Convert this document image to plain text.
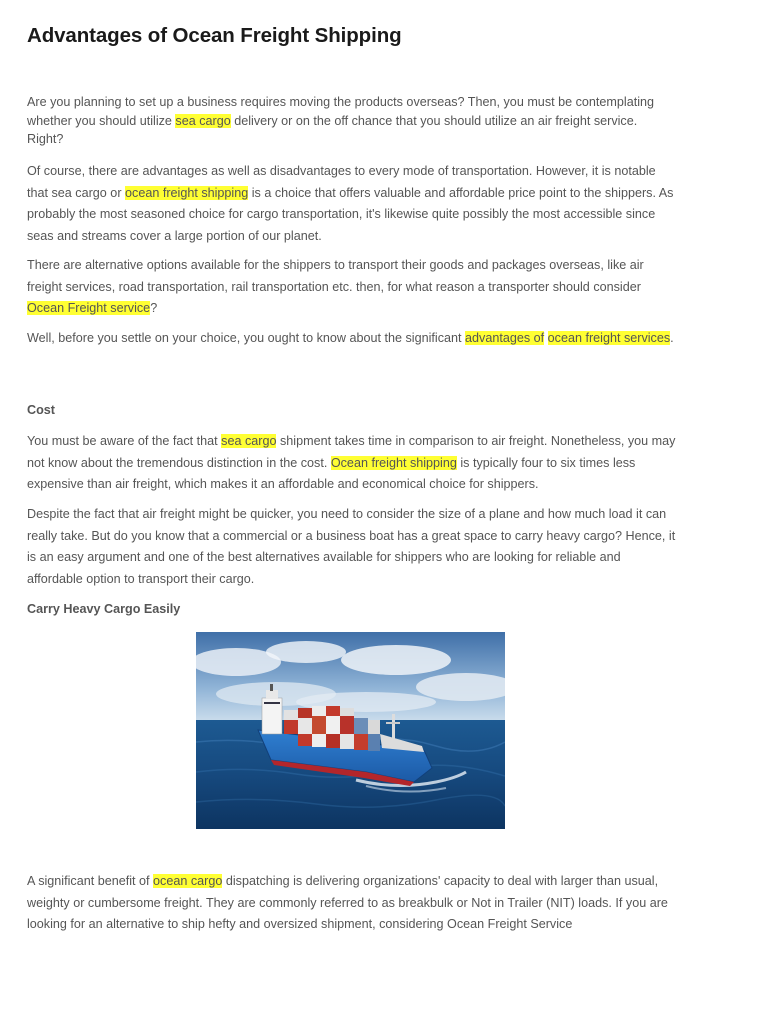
Advantages of Ocean Freight Shipping

Are you planning to set up a business requires moving the products overseas? Then, you must be contemplating whether you should utilize sea cargo delivery or on the off chance that you should utilize an air freight service. Right?

Of course, there are advantages as well as disadvantages to every mode of transportation. However, it is notable that sea cargo or ocean freight shipping is a choice that offers valuable and affordable price point to the shippers. As probably the most seasoned choice for cargo transportation, it's likewise quite possibly the most accessible since seas and streams cover a large portion of our planet.

There are alternative options available for the shippers to transport their goods and packages overseas, like air freight services, road transportation, rail transportation etc. then, for what reason a transporter should consider Ocean Freight service?

Well, before you settle on your choice, you ought to know about the significant advantages of ocean freight services.

Cost

You must be aware of the fact that sea cargo shipment takes time in comparison to air freight. Nonetheless, you may not know about the tremendous distinction in the cost. Ocean freight shipping is typically four to six times less expensive than air freight, which makes it an affordable and economical choice for shippers.

Despite the fact that air freight might be quicker, you need to consider the size of a plane and how much load it can really take. But do you know that a commercial or a business boat has a great space to carry heavy cargo? Hence, it is an easy argument and one of the best alternatives available for shippers who are looking for reliable and affordable option to transport their cargo.

Carry Heavy Cargo Easily

A significant benefit of ocean cargo dispatching is delivering organizations' capacity to deal with larger than usual, weighty or cumbersome freight. They are commonly referred to as breakbulk or Not in Trailer (NIT) loads. If you are looking for an alternative to ship hefty and oversized shipment, considering Ocean Freight Service
